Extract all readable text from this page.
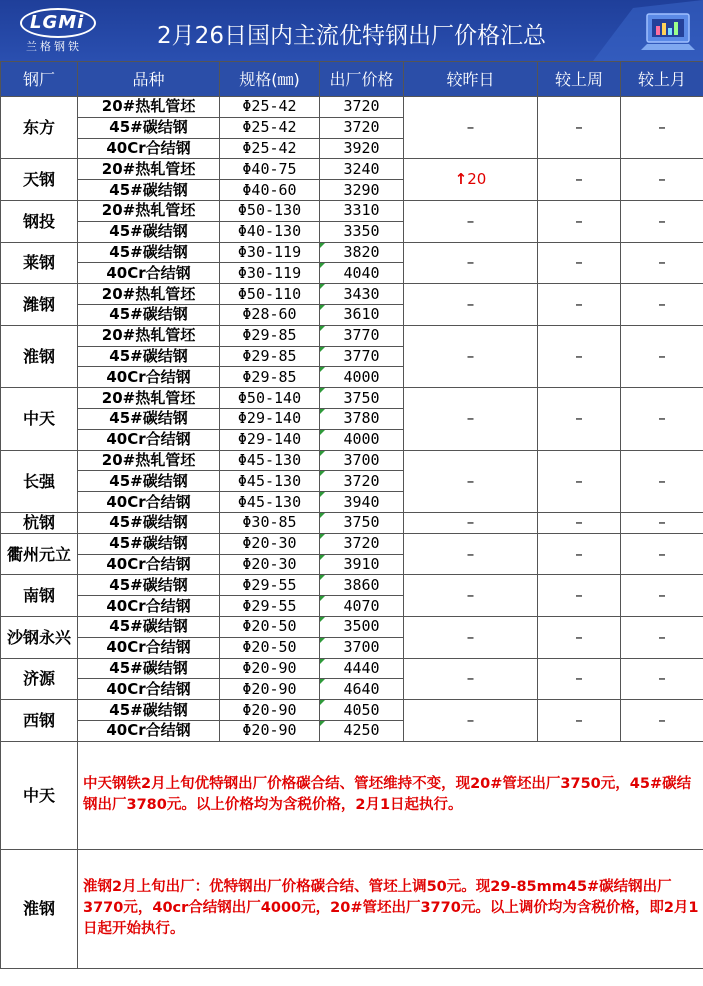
LGMi
兰格钢铁	2月26日国内主流优特钢出厂价格汇总
钢厂	品种	规格(㎜)	出厂价格	较昨日	较上周	较上月
东方	20#热轧管坯	Φ25-42	3720	–	–	–
	45#碳结钢	Φ25-42	3720			
	40Cr合结钢	Φ25-42	3920			
天钢	20#热轧管坯	Φ40-75	3240	↑20	–	–
	45#碳结钢	Φ40-60	3290			
钢投	20#热轧管坯	Φ50-130	3310	–	–	–
	45#碳结钢	Φ40-130	3350			
莱钢	45#碳结钢	Φ30-119	3820	–	–	–
	40Cr合结钢	Φ30-119	4040			
潍钢	20#热轧管坯	Φ50-110	3430	–	–	–
	45#碳结钢	Φ28-60	3610			
淮钢	20#热轧管坯	Φ29-85	3770	–	–	–
	45#碳结钢	Φ29-85	3770			
	40Cr合结钢	Φ29-85	4000			
中天	20#热轧管坯	Φ50-140	3750	–	–	–
	45#碳结钢	Φ29-140	3780			
	40Cr合结钢	Φ29-140	4000			
长强	20#热轧管坯	Φ45-130	3700	–	–	–
	45#碳结钢	Φ45-130	3720			
	40Cr合结钢	Φ45-130	3940			
杭钢	45#碳结钢	Φ30-85	3750	–	–	–
衢州元立	45#碳结钢	Φ20-30	3720	–	–	–
	40Cr合结钢	Φ20-30	3910			
南钢	45#碳结钢	Φ29-55	3860	–	–	–
	40Cr合结钢	Φ29-55	4070			
沙钢永兴	45#碳结钢	Φ20-50	3500	–	–	–
	40Cr合结钢	Φ20-50	3700			
济源	45#碳结钢	Φ20-90	4440	–	–	–
	40Cr合结钢	Φ20-90	4640			
西钢	45#碳结钢	Φ20-90	4050	–	–	–
	40Cr合结钢	Φ20-90	4250			
中天	中天钢铁2月上旬优特钢出厂价格碳合结、管坯维持不变，现20#管坯出厂3750元，45#碳结钢出厂3780元。以上价格均为含税价格，2月1日起执行。					
淮钢	淮钢2月上旬出厂：优特钢出厂价格碳合结、管坯上调50元。现29-85mm45#碳结钢出厂3770元，40cr合结钢出厂4000元，20#管坯出厂3770元。以上调价均为含税价格，即2月1日起开始执行。					
